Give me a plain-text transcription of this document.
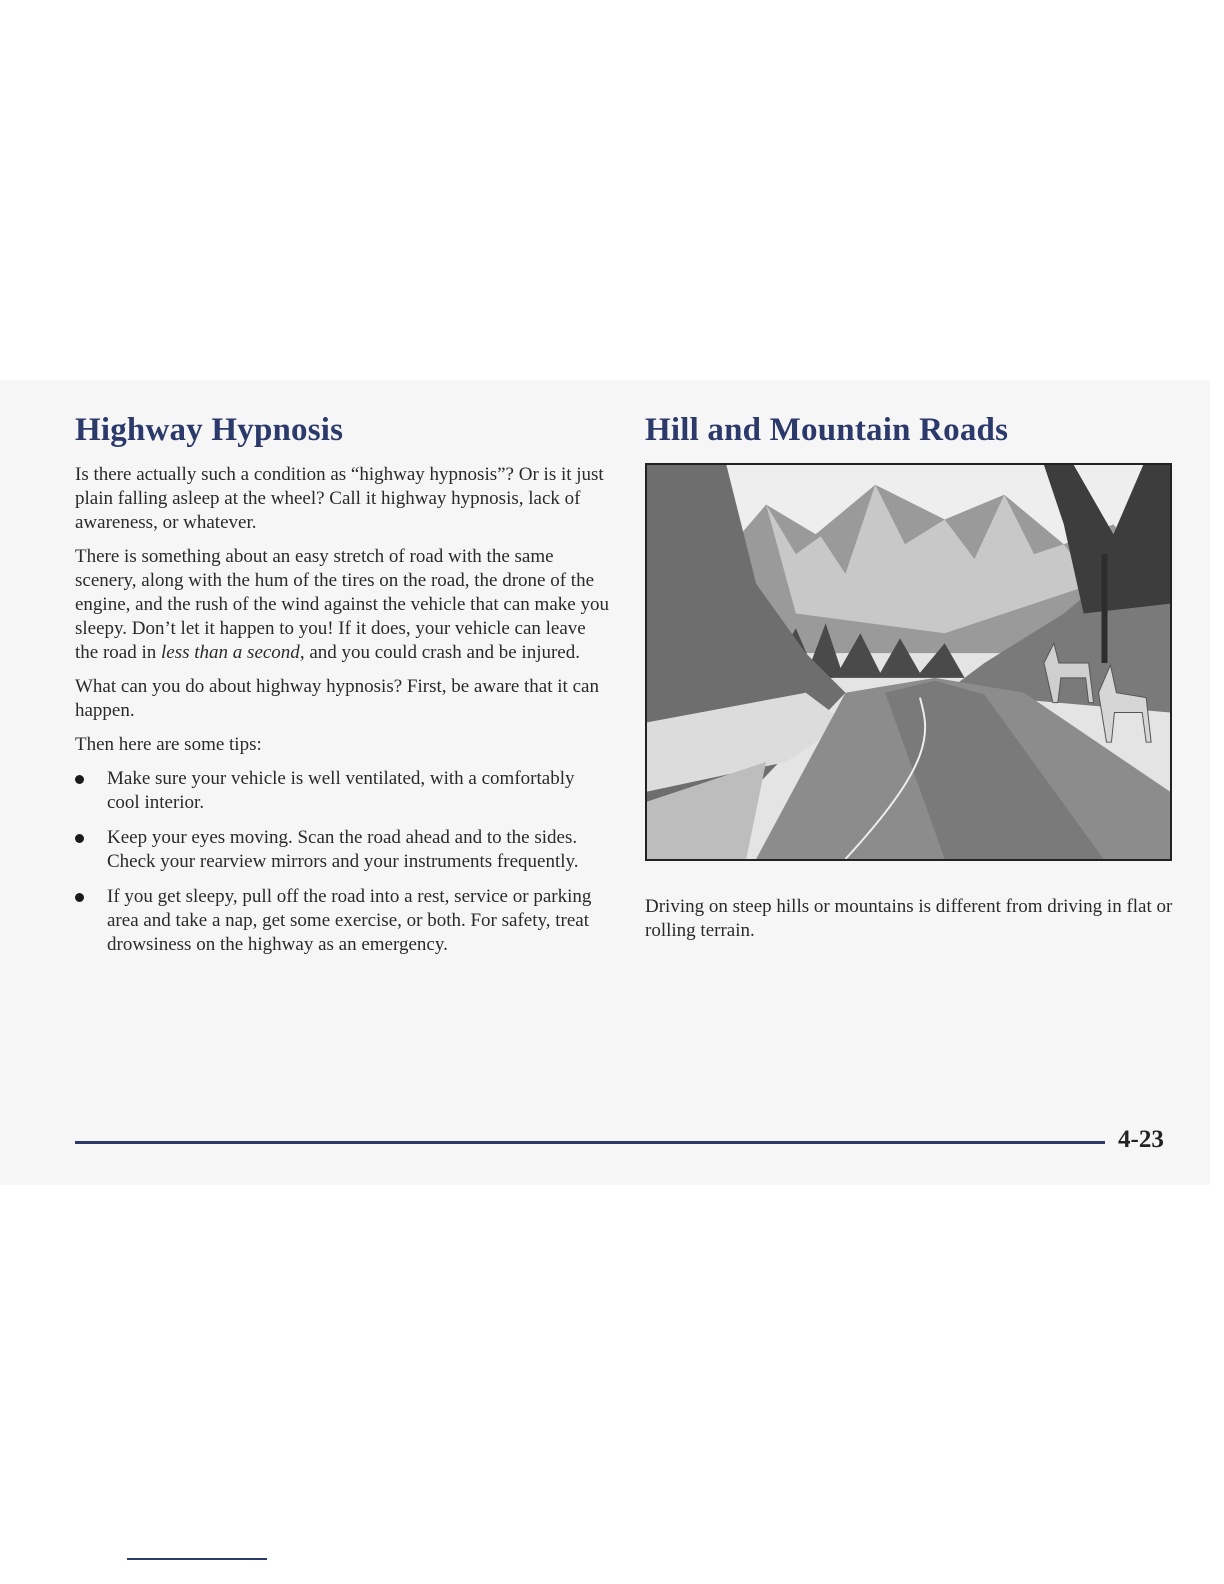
Highway Hypnosis

Is there actually such a condition as “highway hypnosis”? Or is it just plain falling asleep at the wheel? Call it highway hypnosis, lack of awareness, or whatever.

There is something about an easy stretch of road with the same scenery, along with the hum of the tires on the road, the drone of the engine, and the rush of the wind against the vehicle that can make you sleepy. Don’t let it happen to you! If it does, your vehicle can leave the road in less than a second, and you could crash and be injured.

What can you do about highway hypnosis? First, be aware that it can happen.

Then here are some tips:

Make sure your vehicle is well ventilated, with a comfortably cool interior.
Keep your eyes moving. Scan the road ahead and to the sides. Check your rearview mirrors and your instruments frequently.
If you get sleepy, pull off the road into a rest, service or parking area and take a nap, get some exercise, or both. For safety, treat drowsiness on the highway as an emergency.
Hill and Mountain Roads

Driving on steep hills or mountains is different from driving in flat or rolling terrain.

4-23
